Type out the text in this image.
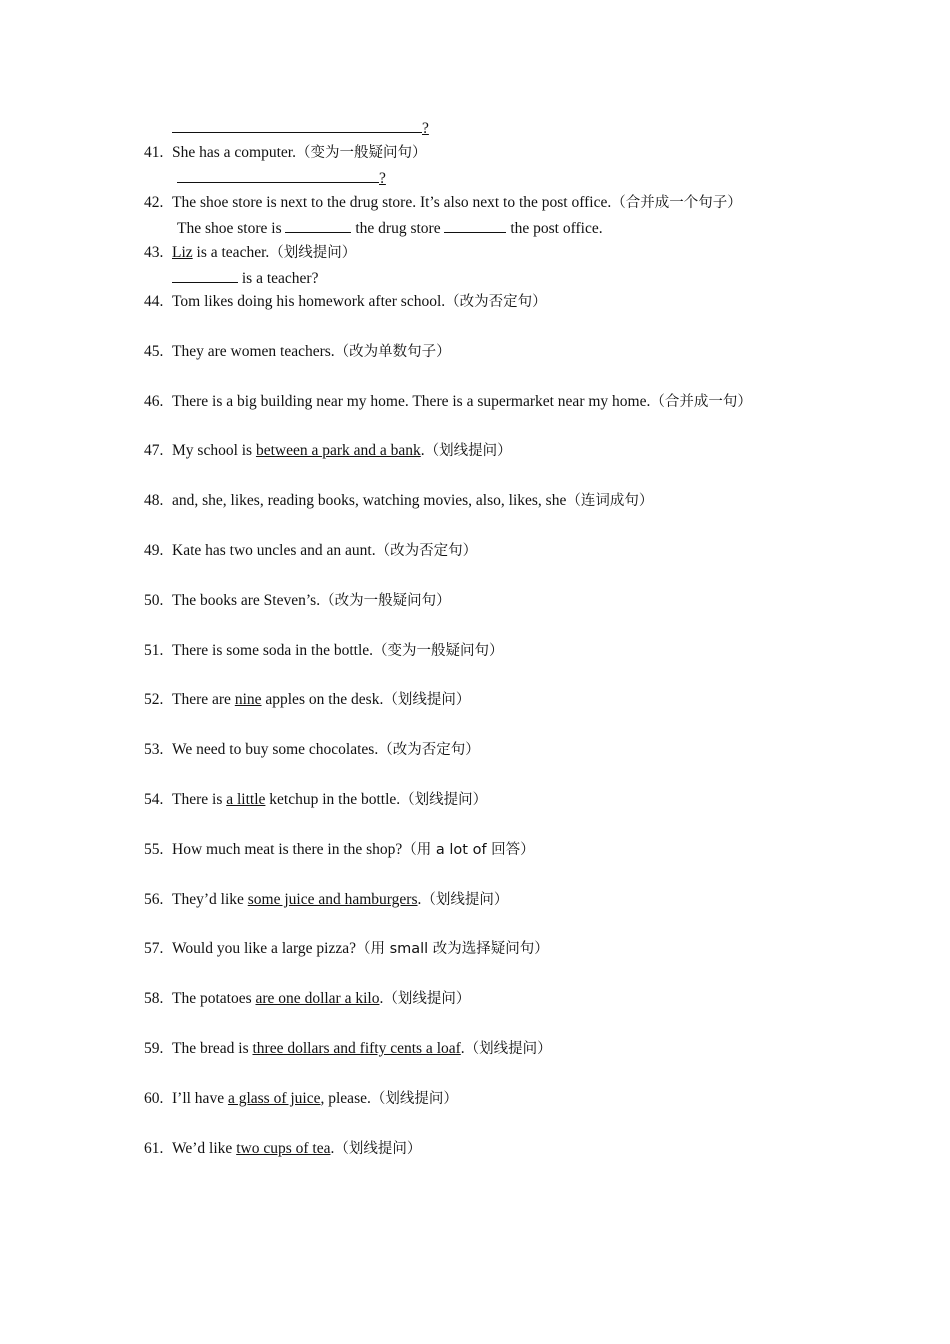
?
41. She has a computer.（变为一般疑问句）
?
42. The shoe store is next to the drug store. It’s also next to the post office.（合并成一个句子）
The shoe store is	the drug store	the post office.
43. Liz is a teacher.（划线提问）
is a teacher?
44. Tom likes doing his homework after school.（改为否定句）
45. They are women teachers.（改为单数句子）
46. There is a big building near my home. There is a supermarket near my home.（合并成一句）
47. My school is between a park and a bank.（划线提问）
48. and, she, likes, reading books, watching movies, also, likes, she（连词成句）
49. Kate has two uncles and an aunt.（改为否定句）
50. The books are Steven’s.（改为一般疑问句）
51. There is some soda in the bottle.（变为一般疑问句）
52. There are nine apples on the desk.（划线提问）
53. We need to buy some chocolates.（改为否定句）
54. There is a little ketchup in the bottle.（划线提问）
55. How much meat is there in the shop?（用 a lot of 回答）
56. They’d like some juice and hamburgers.（划线提问）
57. Would you like a large pizza?（用 small 改为选择疑问句）
58. The potatoes are one dollar a kilo.（划线提问）
59. The bread is three dollars and fifty cents a loaf.（划线提问）
60. I’ll have a glass of juice, please.（划线提问）
61. We’d like two cups of tea.（划线提问）
